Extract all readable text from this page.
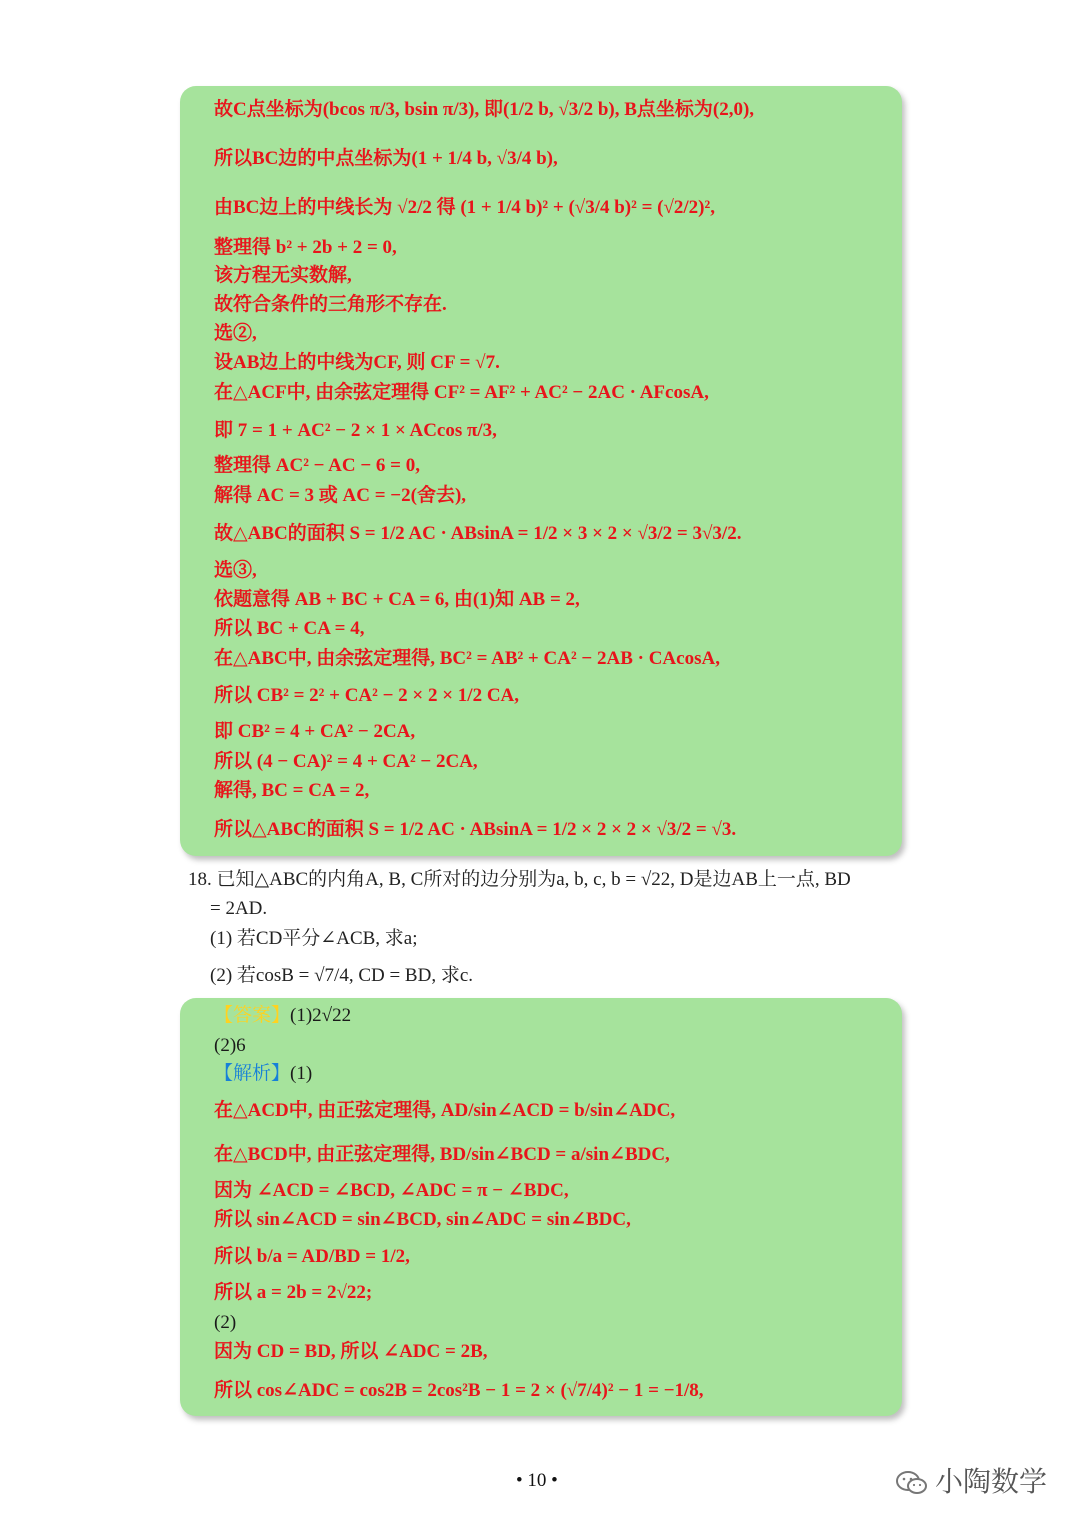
故C点坐标为(bcos π/3, bsin π/3), 即(1/2 b, √3/2 b), B点坐标为(2,0),
所以BC边的中点坐标为(1 + 1/4 b, √3/4 b),
由BC边上的中线长为 √2/2 得 (1 + 1/4 b)² + (√3/4 b)² = (√2/2)²,
整理得 b² + 2b + 2 = 0,
该方程无实数解,
故符合条件的三角形不存在.
选②,
设AB边上的中线为CF, 则 CF = √7.
在△ACF中, 由余弦定理得 CF² = AF² + AC² − 2AC · AFcosA,
即 7 = 1 + AC² − 2 × 1 × ACcos π/3,
整理得 AC² − AC − 6 = 0,
解得 AC = 3 或 AC = −2(舍去),
故△ABC的面积 S = 1/2 AC · ABsinA = 1/2 × 3 × 2 × √3/2 = 3√3/2.
选③,
依题意得 AB + BC + CA = 6, 由(1)知 AB = 2,
所以 BC + CA = 4,
在△ABC中, 由余弦定理得, BC² = AB² + CA² − 2AB · CAcosA,
所以 CB² = 2² + CA² − 2 × 2 × 1/2 CA,
即 CB² = 4 + CA² − 2CA,
所以 (4 − CA)² = 4 + CA² − 2CA,
解得, BC = CA = 2,
所以△ABC的面积 S = 1/2 AC · ABsinA = 1/2 × 2 × 2 × √3/2 = √3.
18. 已知△ABC的内角A, B, C所对的边分别为a, b, c, b = √22, D是边AB上一点, BD
= 2AD.
(1) 若CD平分∠ACB, 求a;
(2) 若cosB = √7/4, CD = BD, 求c.
【答案】(1)2√22
(2)6
【解析】(1)
在△ACD中, 由正弦定理得, AD/sin∠ACD = b/sin∠ADC,
在△BCD中, 由正弦定理得, BD/sin∠BCD = a/sin∠BDC,
因为 ∠ACD = ∠BCD, ∠ADC = π − ∠BDC,
所以 sin∠ACD = sin∠BCD, sin∠ADC = sin∠BDC,
所以 b/a = AD/BD = 1/2,
所以 a = 2b = 2√22;
(2)
因为 CD = BD, 所以 ∠ADC = 2B,
所以 cos∠ADC = cos2B = 2cos²B − 1 = 2 × (√7/4)² − 1 = −1/8,
• 10 •	小陶数学
